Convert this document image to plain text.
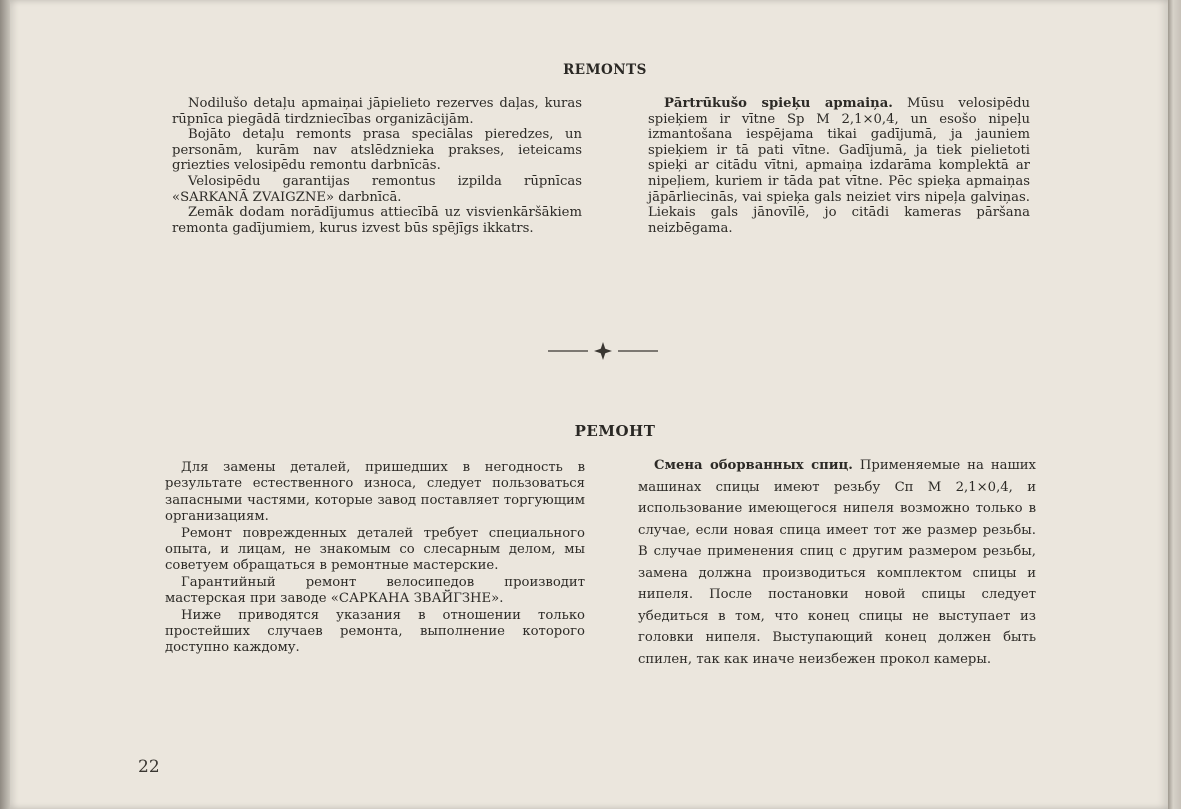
REMONTS

Nodilušo detaļu apmaiņai jāpielieto rezerves daļas, kuras rūpnīca piegādā tirdzniecības organizācijām.

Bojāto detaļu remonts prasa speciālas pieredzes, un personām, kurām nav atslēdznieka prakses, ieteicams griezties velosipēdu remontu darbnīcās.

Velosipēdu garantijas remontus izpilda rūpnīcas «SARKANĀ ZVAIGZNE» darbnīcā.

Zemāk dodam norādījumus attiecībā uz visvienkāršākiem remonta gadījumiem, kurus izvest būs spējīgs ikkatrs.

Pārtrūkušo spieķu apmaiņa. Mūsu velosipēdu spieķiem ir vītne Sp M 2,1×0,4, un esošo nipeļu izmantošana iespējama tikai gadījumā, ja jauniem spieķiem ir tā pati vītne. Gadījumā, ja tiek pielietoti spieķi ar citādu vītni, apmaiņa izdarāma komplektā ar nipeļiem, kuriem ir tāda pat vītne. Pēc spieķa apmaiņas jāpārliecinās, vai spieķa gals neiziet virs nipeļa galviņas. Liekais gals jānovīlē, jo citādi kameras pāršana neizbēgama.

РЕМОНТ

Для замены деталей, пришедших в негодность в результате естественного износа, следует пользоваться запасными частями, которые завод поставляет торгующим организациям.

Ремонт поврежденных деталей требует специального опыта, и лицам, не знакомым со слесарным делом, мы советуем обращаться в ремонтные мастерские.

Гарантийный ремонт велосипедов производит мастерская при заводе «САРКАНА ЗВАЙГЗНЕ».

Ниже приводятся указания в отношении только простейших случаев ремонта, выполнение которого доступно каждому.

Смена оборванных спиц. Применяемые на наших машинах спицы имеют резьбу Сп М 2,1×0,4, и использование имеющегося нипеля возможно только в случае, если новая спица имеет тот же размер резьбы. В случае применения спиц с другим размером резьбы, замена должна производиться комплектом спицы и нипеля. После постановки новой спицы следует убедиться в том, что конец спицы не выступает из головки нипеля. Выступающий конец должен быть спилен, так как иначе неизбежен прокол камеры.

22
